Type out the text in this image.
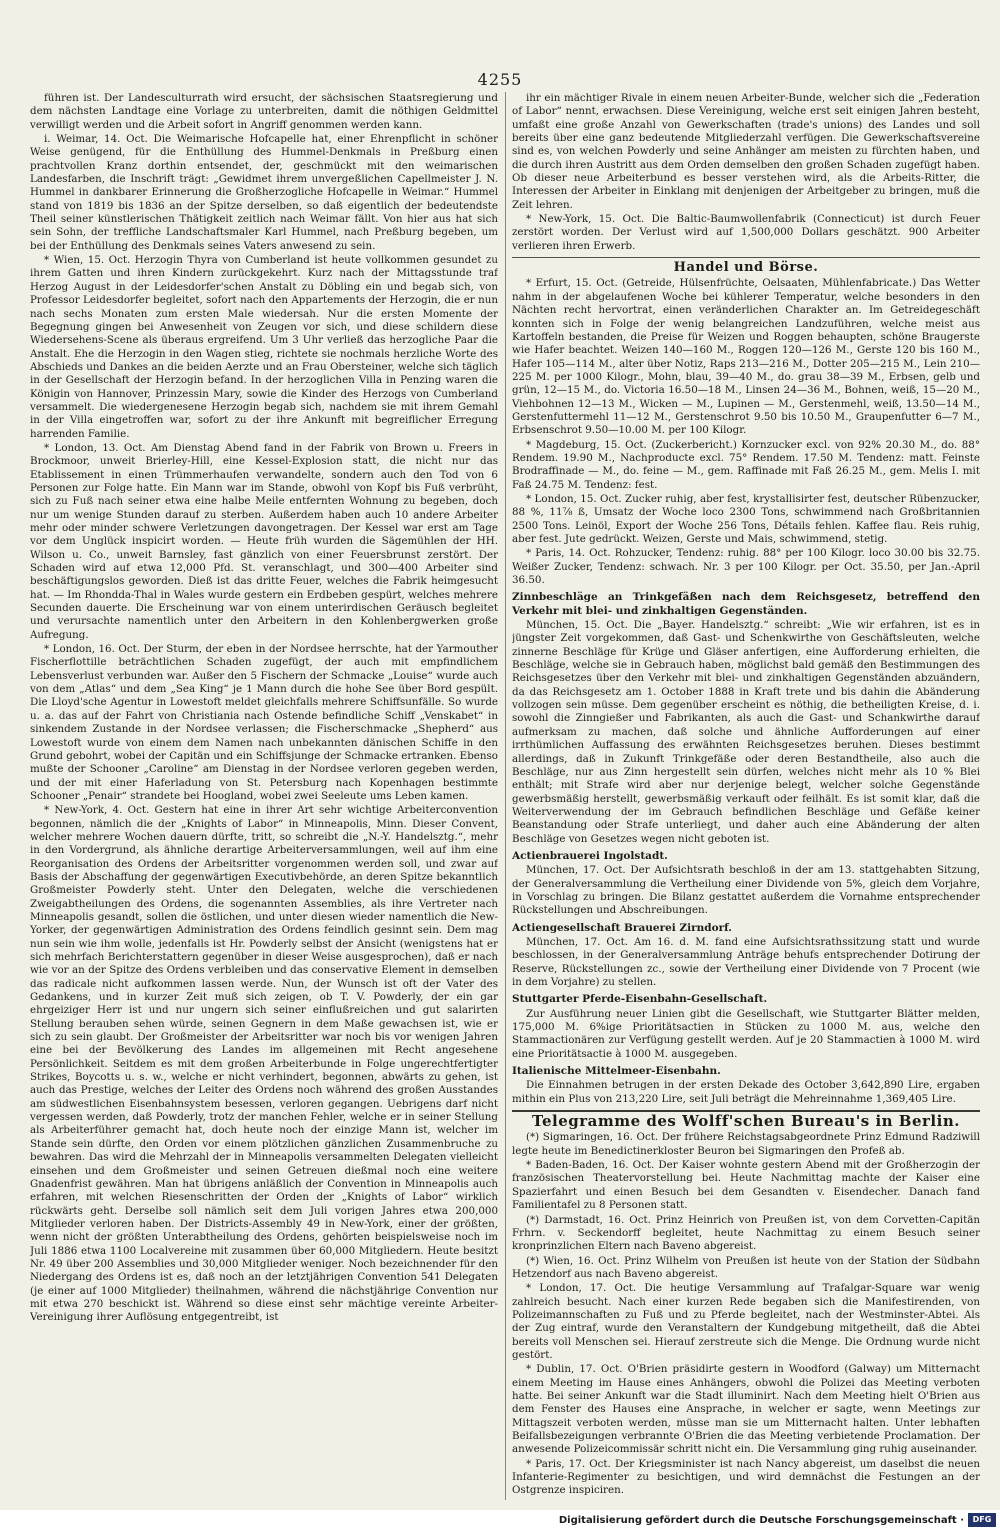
4255

führen ist. Der Landesculturrath wird ersucht, der sächsischen Staatsregierung und dem nächsten Landtage eine Vorlage zu unterbreiten, damit die nöthigen Geldmittel verwilligt werden und die Arbeit sofort in Angriff genommen werden kann.

i. Weimar, 14. Oct. Die Weimarische Hofcapelle hat, einer Ehrenpflicht in schöner Weise genügend, für die Enthüllung des Hummel-Denkmals in Preßburg einen prachtvollen Kranz dorthin entsendet, der, geschmückt mit den weimarischen Landesfarben, die Inschrift trägt: „Gewidmet ihrem unvergeßlichen Capellmeister J. N. Hummel in dankbarer Erinnerung die Großherzogliche Hofcapelle in Weimar.“ Hummel stand von 1819 bis 1836 an der Spitze derselben, so daß eigentlich der bedeutendste Theil seiner künstlerischen Thätigkeit zeitlich nach Weimar fällt. Von hier aus hat sich sein Sohn, der treffliche Landschaftsmaler Karl Hummel, nach Preßburg begeben, um bei der Enthüllung des Denkmals seines Vaters anwesend zu sein.

* Wien, 15. Oct. Herzogin Thyra von Cumberland ist heute vollkommen gesundet zu ihrem Gatten und ihren Kindern zurückgekehrt. Kurz nach der Mittagsstunde traf Herzog August in der Leidesdorfer'schen Anstalt zu Döbling ein und begab sich, von Professor Leidesdorfer begleitet, sofort nach den Appartements der Herzogin, die er nun nach sechs Monaten zum ersten Male wiedersah. Nur die ersten Momente der Begegnung gingen bei Anwesenheit von Zeugen vor sich, und diese schildern diese Wiedersehens-Scene als überaus ergreifend. Um 3 Uhr verließ das herzogliche Paar die Anstalt. Ehe die Herzogin in den Wagen stieg, richtete sie nochmals herzliche Worte des Abschieds und Dankes an die beiden Aerzte und an Frau Obersteiner, welche sich täglich in der Gesellschaft der Herzogin befand. In der herzoglichen Villa in Penzing waren die Königin von Hannover, Prinzessin Mary, sowie die Kinder des Herzogs von Cumberland versammelt. Die wiedergenesene Herzogin begab sich, nachdem sie mit ihrem Gemahl in der Villa eingetroffen war, sofort zu der ihre Ankunft mit begreiflicher Erregung harrenden Familie.

* London, 13. Oct. Am Dienstag Abend fand in der Fabrik von Brown u. Freers in Brockmoor, unweit Brierley-Hill, eine Kessel-Explosion statt, die nicht nur das Etablissement in einen Trümmerhaufen verwandelte, sondern auch den Tod von 6 Personen zur Folge hatte. Ein Mann war im Stande, obwohl von Kopf bis Fuß verbrüht, sich zu Fuß nach seiner etwa eine halbe Meile entfernten Wohnung zu begeben, doch nur um wenige Stunden darauf zu sterben. Außerdem haben auch 10 andere Arbeiter mehr oder minder schwere Verletzungen davongetragen. Der Kessel war erst am Tage vor dem Unglück inspicirt worden. — Heute früh wurden die Sägemühlen der HH. Wilson u. Co., unweit Barnsley, fast gänzlich von einer Feuersbrunst zerstört. Der Schaden wird auf etwa 12,000 Pfd. St. veranschlagt, und 300—400 Arbeiter sind beschäftigungslos geworden. Dieß ist das dritte Feuer, welches die Fabrik heimgesucht hat. — Im Rhondda-Thal in Wales wurde gestern ein Erdbeben gespürt, welches mehrere Secunden dauerte. Die Erscheinung war von einem unterirdischen Geräusch begleitet und verursachte namentlich unter den Arbeitern in den Kohlenbergwerken große Aufregung.

* London, 16. Oct. Der Sturm, der eben in der Nordsee herrschte, hat der Yarmouther Fischerflottille beträchtlichen Schaden zugefügt, der auch mit empfindlichem Lebensverlust verbunden war. Außer den 5 Fischern der Schmacke „Louise“ wurde auch von dem „Atlas“ und dem „Sea King“ je 1 Mann durch die hohe See über Bord gespült. Die Lloyd'sche Agentur in Lowestoft meldet gleichfalls mehrere Schiffsunfälle. So wurde u. a. das auf der Fahrt von Christiania nach Ostende befindliche Schiff „Venskabet“ in sinkendem Zustande in der Nordsee verlassen; die Fischerschmacke „Shepherd“ aus Lowestoft wurde von einem dem Namen nach unbekannten dänischen Schiffe in den Grund gebohrt, wobei der Capitän und ein Schiffsjunge der Schmacke ertranken. Ebenso mußte der Schooner „Caroline“ am Dienstag in der Nordsee verloren gegeben werden, und der mit einer Haferladung von St. Petersburg nach Kopenhagen bestimmte Schooner „Penair“ strandete bei Hoogland, wobei zwei Seeleute ums Leben kamen.

* New-York, 4. Oct. Gestern hat eine in ihrer Art sehr wichtige Arbeiterconvention begonnen, nämlich die der „Knights of Labor“ in Minneapolis, Minn. Dieser Convent, welcher mehrere Wochen dauern dürfte, tritt, so schreibt die „N.-Y. Handelsztg.“, mehr in den Vordergrund, als ähnliche derartige Arbeiterversammlungen, weil auf ihm eine Reorganisation des Ordens der Arbeitsritter vorgenommen werden soll, und zwar auf Basis der Abschaffung der gegenwärtigen Executivbehörde, an deren Spitze bekanntlich Großmeister Powderly steht. Unter den Delegaten, welche die verschiedenen Zweigabtheilungen des Ordens, die sogenannten Assemblies, als ihre Vertreter nach Minneapolis gesandt, sollen die östlichen, und unter diesen wieder namentlich die New-Yorker, der gegenwärtigen Administration des Ordens feindlich gesinnt sein. Dem mag nun sein wie ihm wolle, jedenfalls ist Hr. Powderly selbst der Ansicht (wenigstens hat er sich mehrfach Berichterstattern gegenüber in dieser Weise ausgesprochen), daß er nach wie vor an der Spitze des Ordens verbleiben und das conservative Element in demselben das radicale nicht aufkommen lassen werde. Nun, der Wunsch ist oft der Vater des Gedankens, und in kurzer Zeit muß sich zeigen, ob T. V. Powderly, der ein gar ehrgeiziger Herr ist und nur ungern sich seiner einflußreichen und gut salarirten Stellung berauben sehen würde, seinen Gegnern in dem Maße gewachsen ist, wie er sich zu sein glaubt. Der Großmeister der Arbeitsritter war noch bis vor wenigen Jahren eine bei der Bevölkerung des Landes im allgemeinen mit Recht angesehene Persönlichkeit. Seitdem es mit dem großen Arbeiterbunde in Folge ungerechtfertigter Strikes, Boycotts u. s. w., welche er nicht verhindert, begonnen, abwärts zu gehen, ist auch das Prestige, welches der Leiter des Ordens noch während des großen Ausstandes am südwestlichen Eisenbahnsystem besessen, verloren gegangen. Uebrigens darf nicht vergessen werden, daß Powderly, trotz der manchen Fehler, welche er in seiner Stellung als Arbeiterführer gemacht hat, doch heute noch der einzige Mann ist, welcher im Stande sein dürfte, den Orden vor einem plötzlichen gänzlichen Zusammenbruche zu bewahren. Das wird die Mehrzahl der in Minneapolis versammelten Delegaten vielleicht einsehen und dem Großmeister und seinen Getreuen dießmal noch eine weitere Gnadenfrist gewähren. Man hat übrigens anläßlich der Convention in Minneapolis auch erfahren, mit welchen Riesenschritten der Orden der „Knights of Labor“ wirklich rückwärts geht. Derselbe soll nämlich seit dem Juli vorigen Jahres etwa 200,000 Mitglieder verloren haben. Der Districts-Assembly 49 in New-York, einer der größten, wenn nicht der größten Unterabtheilung des Ordens, gehörten beispielsweise noch im Juli 1886 etwa 1100 Localvereine mit zusammen über 60,000 Mitgliedern. Heute besitzt Nr. 49 über 200 Assemblies und 30,000 Mitglieder weniger. Noch bezeichnender für den Niedergang des Ordens ist es, daß noch an der letztjährigen Convention 541 Delegaten (je einer auf 1000 Mitglieder) theilnahmen, während die nächstjährige Convention nur mit etwa 270 beschickt ist. Während so diese einst sehr mächtige vereinte Arbeiter-Vereinigung ihrer Auflösung entgegentreibt, ist

ihr ein mächtiger Rivale in einem neuen Arbeiter-Bunde, welcher sich die „Federation of Labor“ nennt, erwachsen. Diese Vereinigung, welche erst seit einigen Jahren besteht, umfaßt eine große Anzahl von Gewerkschaften (trade's unions) des Landes und soll bereits über eine ganz bedeutende Mitgliederzahl verfügen. Die Gewerkschaftsvereine sind es, von welchen Powderly und seine Anhänger am meisten zu fürchten haben, und die durch ihren Austritt aus dem Orden demselben den großen Schaden zugefügt haben. Ob dieser neue Arbeiterbund es besser verstehen wird, als die Arbeits-Ritter, die Interessen der Arbeiter in Einklang mit denjenigen der Arbeitgeber zu bringen, muß die Zeit lehren.

* New-York, 15. Oct. Die Baltic-Baumwollenfabrik (Connecticut) ist durch Feuer zerstört worden. Der Verlust wird auf 1,500,000 Dollars geschätzt. 900 Arbeiter verlieren ihren Erwerb.

Handel und Börse.

* Erfurt, 15. Oct. (Getreide, Hülsenfrüchte, Oelsaaten, Mühlenfabricate.) Das Wetter nahm in der abgelaufenen Woche bei kühlerer Temperatur, welche besonders in den Nächten recht hervortrat, einen veränderlichen Charakter an. Im Getreidegeschäft konnten sich in Folge der wenig belangreichen Landzuführen, welche meist aus Kartoffeln bestanden, die Preise für Weizen und Roggen behaupten, schöne Braugerste wie Hafer beachtet. Weizen 140—160 M., Roggen 120—126 M., Gerste 120 bis 160 M., Hafer 105—114 M., alter über Notiz, Raps 213—216 M., Dotter 205—215 M., Lein 210—225 M. per 1000 Kilogr., Mohn, blau, 39—40 M., do. grau 38—39 M., Erbsen, gelb und grün, 12—15 M., do. Victoria 16.50—18 M., Linsen 24—36 M., Bohnen, weiß, 15—20 M., Viehbohnen 12—13 M., Wicken — M., Lupinen — M., Gerstenmehl, weiß, 13.50—14 M., Gerstenfuttermehl 11—12 M., Gerstenschrot 9.50 bis 10.50 M., Graupenfutter 6—7 M., Erbsenschrot 9.50—10.00 M. per 100 Kilogr.

* Magdeburg, 15. Oct. (Zuckerbericht.) Kornzucker excl. von 92% 20.30 M., do. 88° Rendem. 19.90 M., Nachproducte excl. 75° Rendem. 17.50 M. Tendenz: matt. Feinste Brodraffinade — M., do. feine — M., gem. Raffinade mit Faß 26.25 M., gem. Melis I. mit Faß 24.75 M. Tendenz: fest.

* London, 15. Oct. Zucker ruhig, aber fest, krystallisirter fest, deutscher Rübenzucker, 88 %, 11⅞ ß, Umsatz der Woche loco 2300 Tons, schwimmend nach Großbritannien 2500 Tons. Leinöl, Export der Woche 256 Tons, Détails fehlen. Kaffee flau. Reis ruhig, aber fest. Jute gedrückt. Weizen, Gerste und Mais, schwimmend, stetig.

* Paris, 14. Oct. Rohzucker, Tendenz: ruhig. 88° per 100 Kilogr. loco 30.00 bis 32.75. Weißer Zucker, Tendenz: schwach. Nr. 3 per 100 Kilogr. per Oct. 35.50, per Jan.-April 36.50.

Zinnbeschläge an Trinkgefäßen nach dem Reichsgesetz, betreffend den Verkehr mit blei- und zinkhaltigen Gegenständen.

München, 15. Oct. Die „Bayer. Handelsztg.“ schreibt: „Wie wir erfahren, ist es in jüngster Zeit vorgekommen, daß Gast- und Schenkwirthe von Geschäftsleuten, welche zinnerne Beschläge für Krüge und Gläser anfertigen, eine Aufforderung erhielten, die Beschläge, welche sie in Gebrauch haben, möglichst bald gemäß den Bestimmungen des Reichsgesetzes über den Verkehr mit blei- und zinkhaltigen Gegenständen abzuändern, da das Reichsgesetz am 1. October 1888 in Kraft trete und bis dahin die Abänderung vollzogen sein müsse. Dem gegenüber erscheint es nöthig, die betheiligten Kreise, d. i. sowohl die Zinngießer und Fabrikanten, als auch die Gast- und Schankwirthe darauf aufmerksam zu machen, daß solche und ähnliche Aufforderungen auf einer irrthümlichen Auffassung des erwähnten Reichsgesetzes beruhen. Dieses bestimmt allerdings, daß in Zukunft Trinkgefäße oder deren Bestandtheile, also auch die Beschläge, nur aus Zinn hergestellt sein dürfen, welches nicht mehr als 10 % Blei enthält; mit Strafe wird aber nur derjenige belegt, welcher solche Gegenstände gewerbsmäßig herstellt, gewerbsmäßig verkauft oder feilhält. Es ist somit klar, daß die Weiterverwendung der im Gebrauch befindlichen Beschläge und Gefäße keiner Beanstandung oder Strafe unterliegt, und daher auch eine Abänderung der alten Beschläge von Gesetzes wegen nicht geboten ist.

Actienbrauerei Ingolstadt.

München, 17. Oct. Der Aufsichtsrath beschloß in der am 13. stattgehabten Sitzung, der Generalversammlung die Vertheilung einer Dividende von 5%, gleich dem Vorjahre, in Vorschlag zu bringen. Die Bilanz gestattet außerdem die Vornahme entsprechender Rückstellungen und Abschreibungen.

Actiengesellschaft Brauerei Zirndorf.

München, 17. Oct. Am 16. d. M. fand eine Aufsichtsrathssitzung statt und wurde beschlossen, in der Generalversammlung Anträge behufs entsprechender Dotirung der Reserve, Rückstellungen zc., sowie der Vertheilung einer Dividende von 7 Procent (wie in dem Vorjahre) zu stellen.

Stuttgarter Pferde-Eisenbahn-Gesellschaft.

Zur Ausführung neuer Linien gibt die Gesellschaft, wie Stuttgarter Blätter melden, 175,000 M. 6%ige Prioritätsactien in Stücken zu 1000 M. aus, welche den Stammactionären zur Verfügung gestellt werden. Auf je 20 Stammactien à 1000 M. wird eine Prioritätsactie à 1000 M. ausgegeben.

Italienische Mittelmeer-Eisenbahn.

Die Einnahmen betrugen in der ersten Dekade des October 3,642,890 Lire, ergaben mithin ein Plus von 213,220 Lire, seit Juli beträgt die Mehreinnahme 1,369,405 Lire.

Telegramme des Wolff'schen Bureau's in Berlin.

(*) Sigmaringen, 16. Oct. Der frühere Reichstagsabgeordnete Prinz Edmund Radziwill legte heute im Benedictinerkloster Beuron bei Sigmaringen den Profeß ab.

* Baden-Baden, 16. Oct. Der Kaiser wohnte gestern Abend mit der Großherzogin der französischen Theatervorstellung bei. Heute Nachmittag machte der Kaiser eine Spazierfahrt und einen Besuch bei dem Gesandten v. Eisendecher. Danach fand Familientafel zu 8 Personen statt.

(*) Darmstadt, 16. Oct. Prinz Heinrich von Preußen ist, von dem Corvetten-Capitän Frhrn. v. Seckendorff begleitet, heute Nachmittag zu einem Besuch seiner kronprinzlichen Eltern nach Baveno abgereist.

(*) Wien, 16. Oct. Prinz Wilhelm von Preußen ist heute von der Station der Südbahn Hetzendorf aus nach Baveno abgereist.

* London, 17. Oct. Die heutige Versammlung auf Trafalgar-Square war wenig zahlreich besucht. Nach einer kurzen Rede begaben sich die Manifestirenden, von Polizeimannschaften zu Fuß und zu Pferde begleitet, nach der Westminster-Abtei. Als der Zug eintraf, wurde den Veranstaltern der Kundgebung mitgetheilt, daß die Abtei bereits voll Menschen sei. Hierauf zerstreute sich die Menge. Die Ordnung wurde nicht gestört.

* Dublin, 17. Oct. O'Brien präsidirte gestern in Woodford (Galway) um Mitternacht einem Meeting im Hause eines Anhängers, obwohl die Polizei das Meeting verboten hatte. Bei seiner Ankunft war die Stadt illuminirt. Nach dem Meeting hielt O'Brien aus dem Fenster des Hauses eine Ansprache, in welcher er sagte, wenn Meetings zur Mittagszeit verboten werden, müsse man sie um Mitternacht halten. Unter lebhaften Beifallsbezeigungen verbrannte O'Brien die das Meeting verbietende Proclamation. Der anwesende Polizeicommissär schritt nicht ein. Die Versammlung ging ruhig auseinander.

* Paris, 17. Oct. Der Kriegsminister ist nach Nancy abgereist, um daselbst die neuen Infanterie-Regimenter zu besichtigen, und wird demnächst die Festungen an der Ostgrenze inspiciren.

Digitalisierung gefördert durch die Deutsche Forschungsgemeinschaft ·	DFG
